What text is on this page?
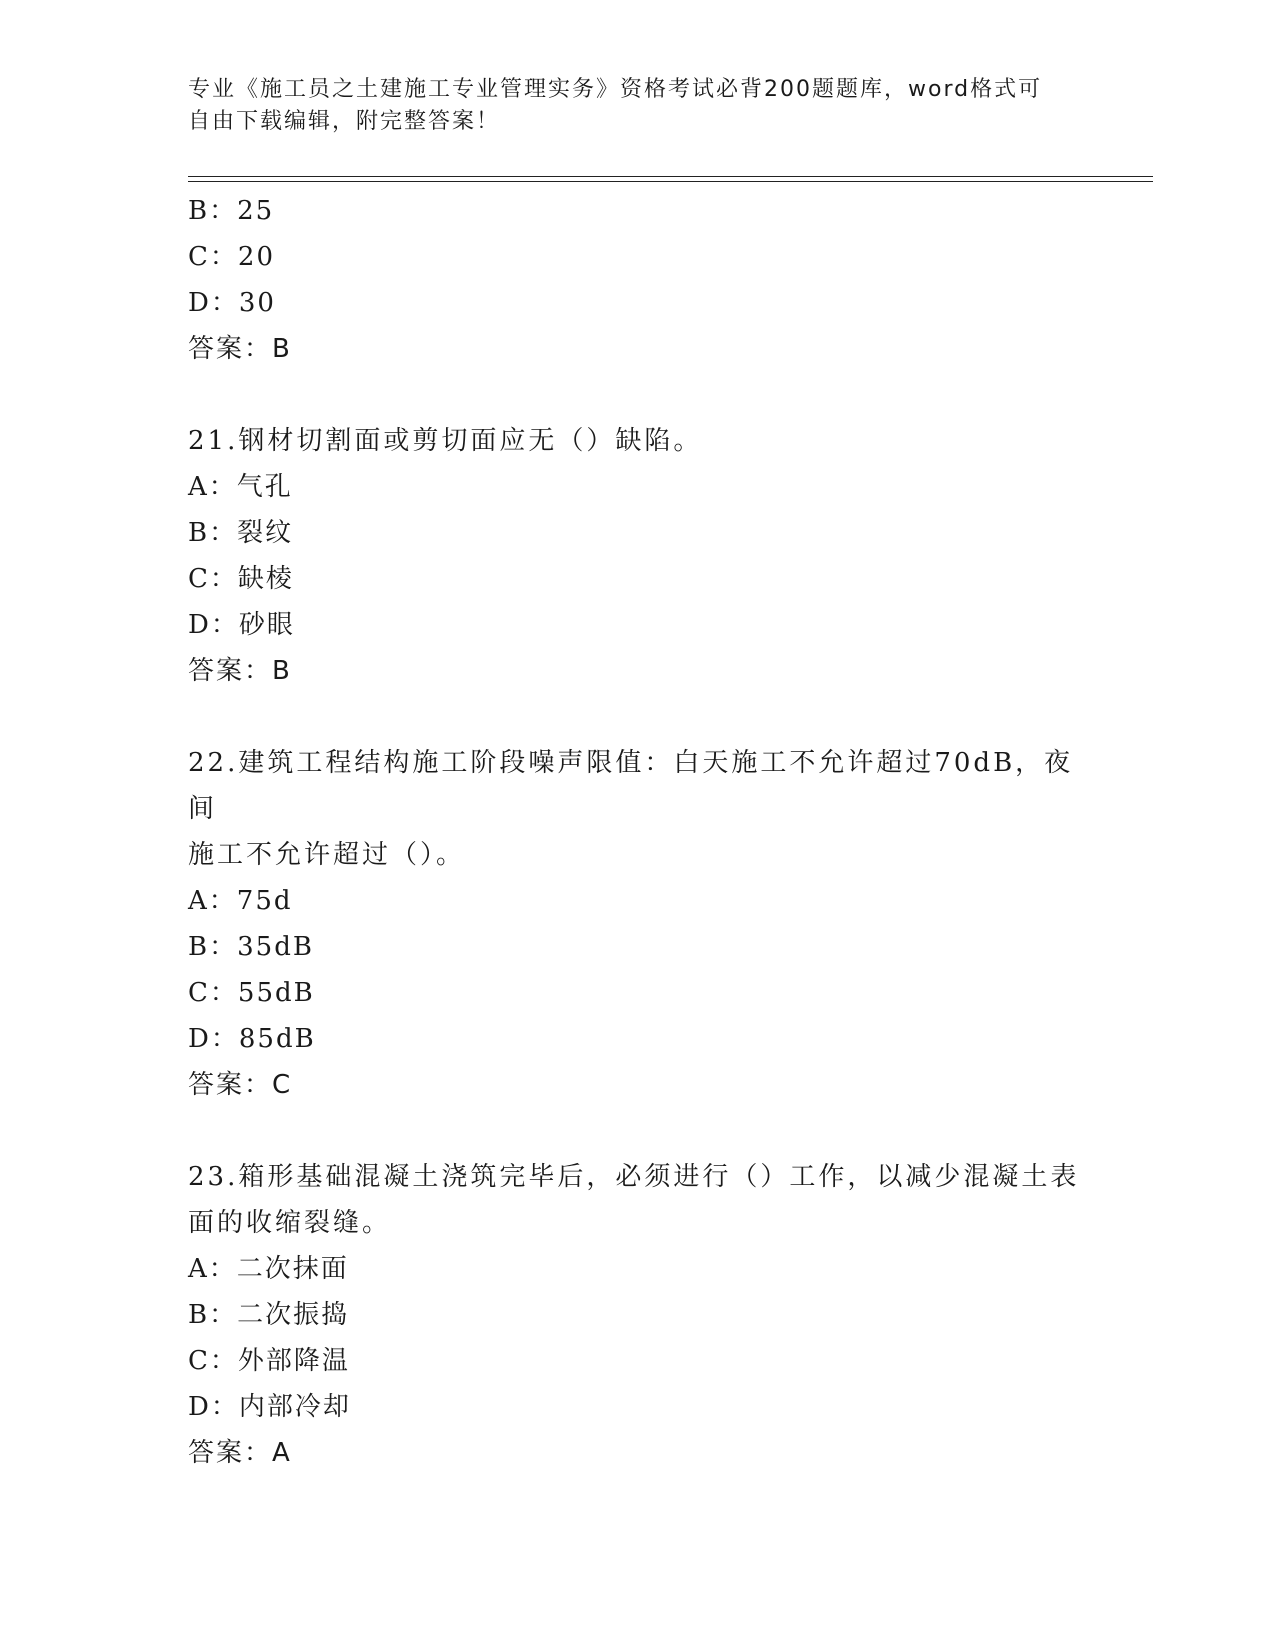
专业《施工员之土建施工专业管理实务》资格考试必背200题题库，word格式可
自由下载编辑，附完整答案！
B：25
C：20
D：30
答案：B
21.钢材切割面或剪切面应无（）缺陷。
A：气孔
B：裂纹
C：缺棱
D：砂眼
答案：B
22.建筑工程结构施工阶段噪声限值：白天施工不允许超过70dB，夜间
施工不允许超过（）。
A：75d
B：35dB
C：55dB
D：85dB
答案：C
23.箱形基础混凝土浇筑完毕后，必须进行（）工作，以减少混凝土表
面的收缩裂缝。
A：二次抹面
B：二次振捣
C：外部降温
D：内部冷却
答案：A
